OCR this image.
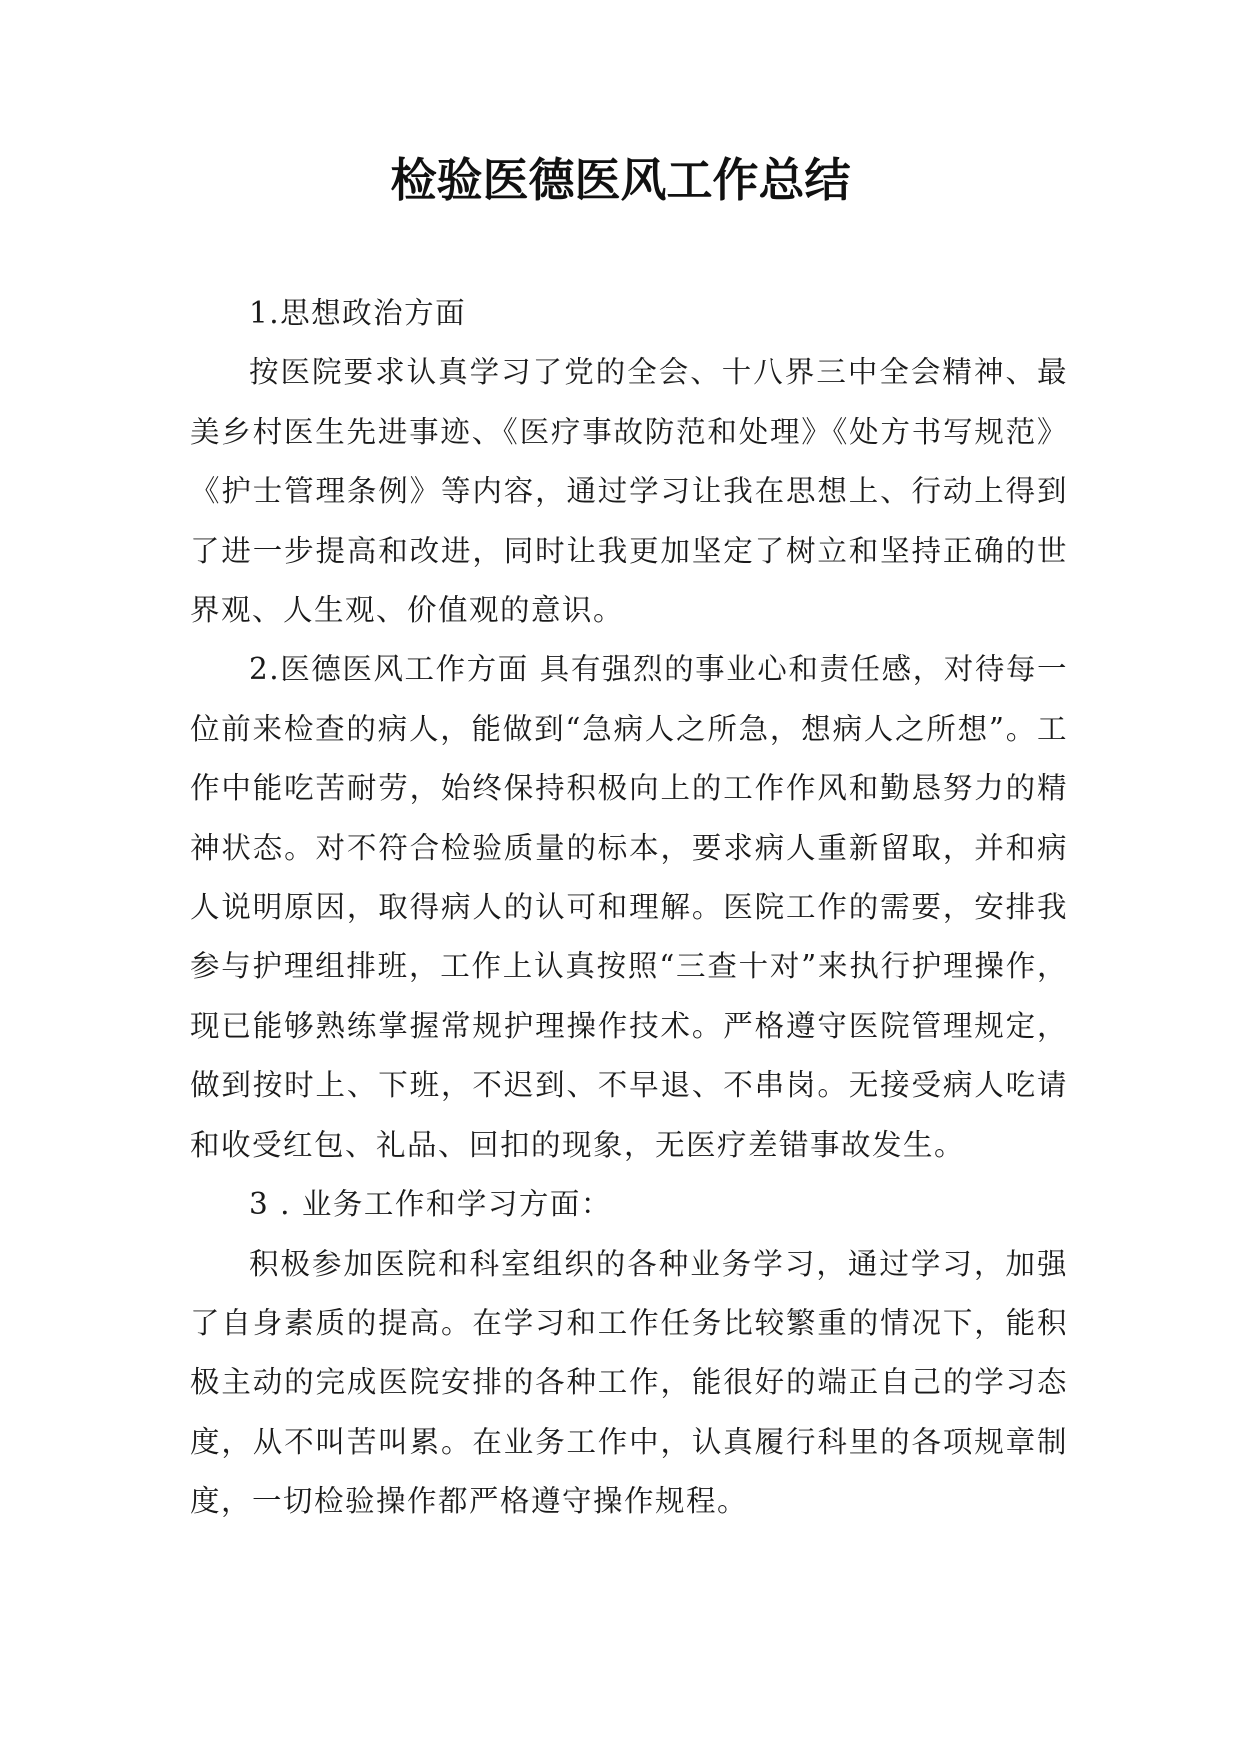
检验医德医风工作总结

1.思想政治方面

按医院要求认真学习了党的全会、十八界三中全会精神、最美乡村医生先进事迹、《医疗事故防范和处理》《处方书写规范》《护士管理条例》等内容，通过学习让我在思想上、行动上得到了进一步提高和改进，同时让我更加坚定了树立和坚持正确的世界观、人生观、价值观的意识。

2.医德医风工作方面 具有强烈的事业心和责任感，对待每一位前来检查的病人，能做到“急病人之所急，想病人之所想”。工作中能吃苦耐劳，始终保持积极向上的工作作风和勤恳努力的精神状态。对不符合检验质量的标本，要求病人重新留取，并和病人说明原因，取得病人的认可和理解。医院工作的需要，安排我参与护理组排班，工作上认真按照“三查十对”来执行护理操作，现已能够熟练掌握常规护理操作技术。严格遵守医院管理规定，做到按时上、下班，不迟到、不早退、不串岗。无接受病人吃请和收受红包、礼品、回扣的现象，无医疗差错事故发生。

3 . 业务工作和学习方面：

积极参加医院和科室组织的各种业务学习，通过学习，加强了自身素质的提高。在学习和工作任务比较繁重的情况下，能积极主动的完成医院安排的各种工作，能很好的端正自己的学习态度，从不叫苦叫累。在业务工作中，认真履行科里的各项规章制度，一切检验操作都严格遵守操作规程。
